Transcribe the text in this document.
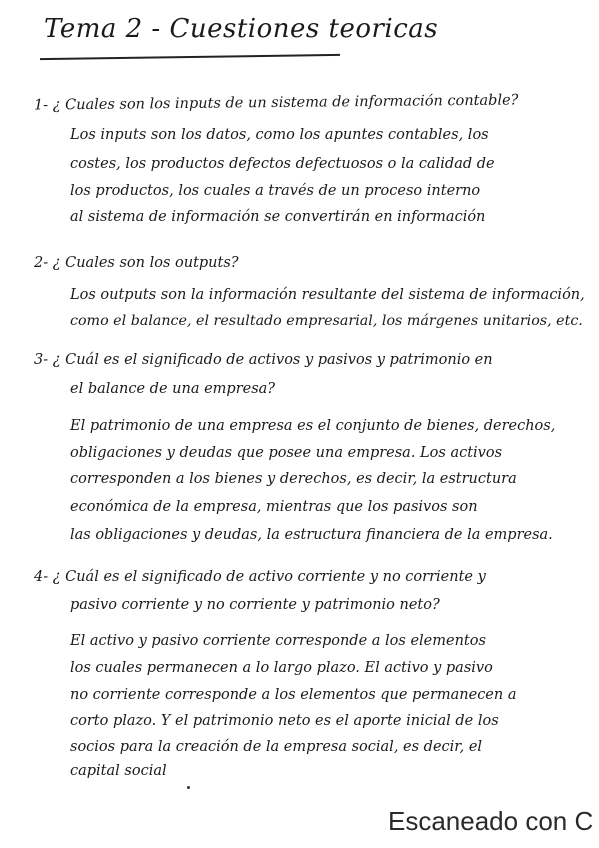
Tema 2 - Cuestiones teoricas
1- ¿ Cuales son los inputs de un sistema de información contable?
Los inputs son los datos, como los apuntes contables, los
costes, los productos defectos defectuosos o la calidad de
los productos, los cuales a través de un proceso interno
al sistema de información se convertirán en información
2- ¿ Cuales son los outputs?
Los outputs son la información resultante del sistema de información,
como el balance, el resultado empresarial, los márgenes unitarios, etc.
3- ¿ Cuál es el significado de activos y pasivos y patrimonio en
el balance de una empresa?
El patrimonio de una empresa es el conjunto de bienes, derechos,
obligaciones y deudas que posee una empresa. Los activos
corresponden a los bienes y derechos, es decir, la estructura
económica de la empresa, mientras que los pasivos son
las obligaciones y deudas, la estructura financiera de la empresa.
4- ¿ Cuál es el significado de activo corriente y no corriente y
pasivo corriente y no corriente y patrimonio neto?
El activo y pasivo corriente corresponde a los elementos
los cuales permanecen a lo largo plazo. El activo y pasivo
no corriente corresponde a los elementos que permanecen a
corto plazo. Y el patrimonio neto es el aporte inicial de los
socios para la creación de la empresa social, es decir, el
capital social
Escaneado con C
